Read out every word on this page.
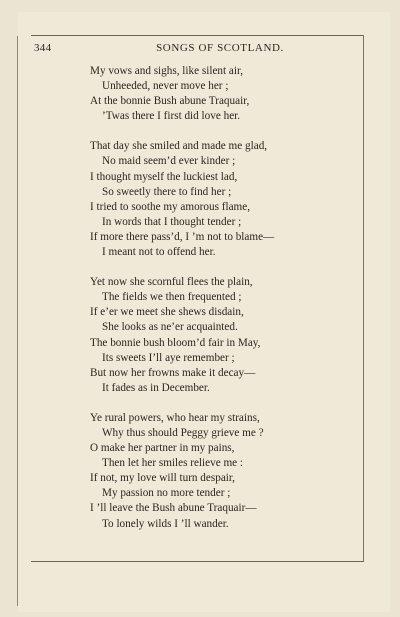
344	SONGS OF SCOTLAND.
My vows and sighs, like silent air,
Unheeded, never move her ;
At the bonnie Bush abune Traquair,
’Twas there I first did love her.
That day she smiled and made me glad,
No maid seem’d ever kinder ;
I thought myself the luckiest lad,
So sweetly there to find her ;
I tried to soothe my amorous flame,
In words that I thought tender ;
If more there pass’d, I ’m not to blame—
I meant not to offend her.
Yet now she scornful flees the plain,
The fields we then frequented ;
If e’er we meet she shews disdain,
She looks as ne’er acquainted.
The bonnie bush bloom’d fair in May,
Its sweets I’ll aye remember ;
But now her frowns make it decay—
It fades as in December.
Ye rural powers, who hear my strains,
Why thus should Peggy grieve me ?
O make her partner in my pains,
Then let her smiles relieve me :
If not, my love will turn despair,
My passion no more tender ;
I ’ll leave the Bush abune Traquair—
To lonely wilds I ’ll wander.
